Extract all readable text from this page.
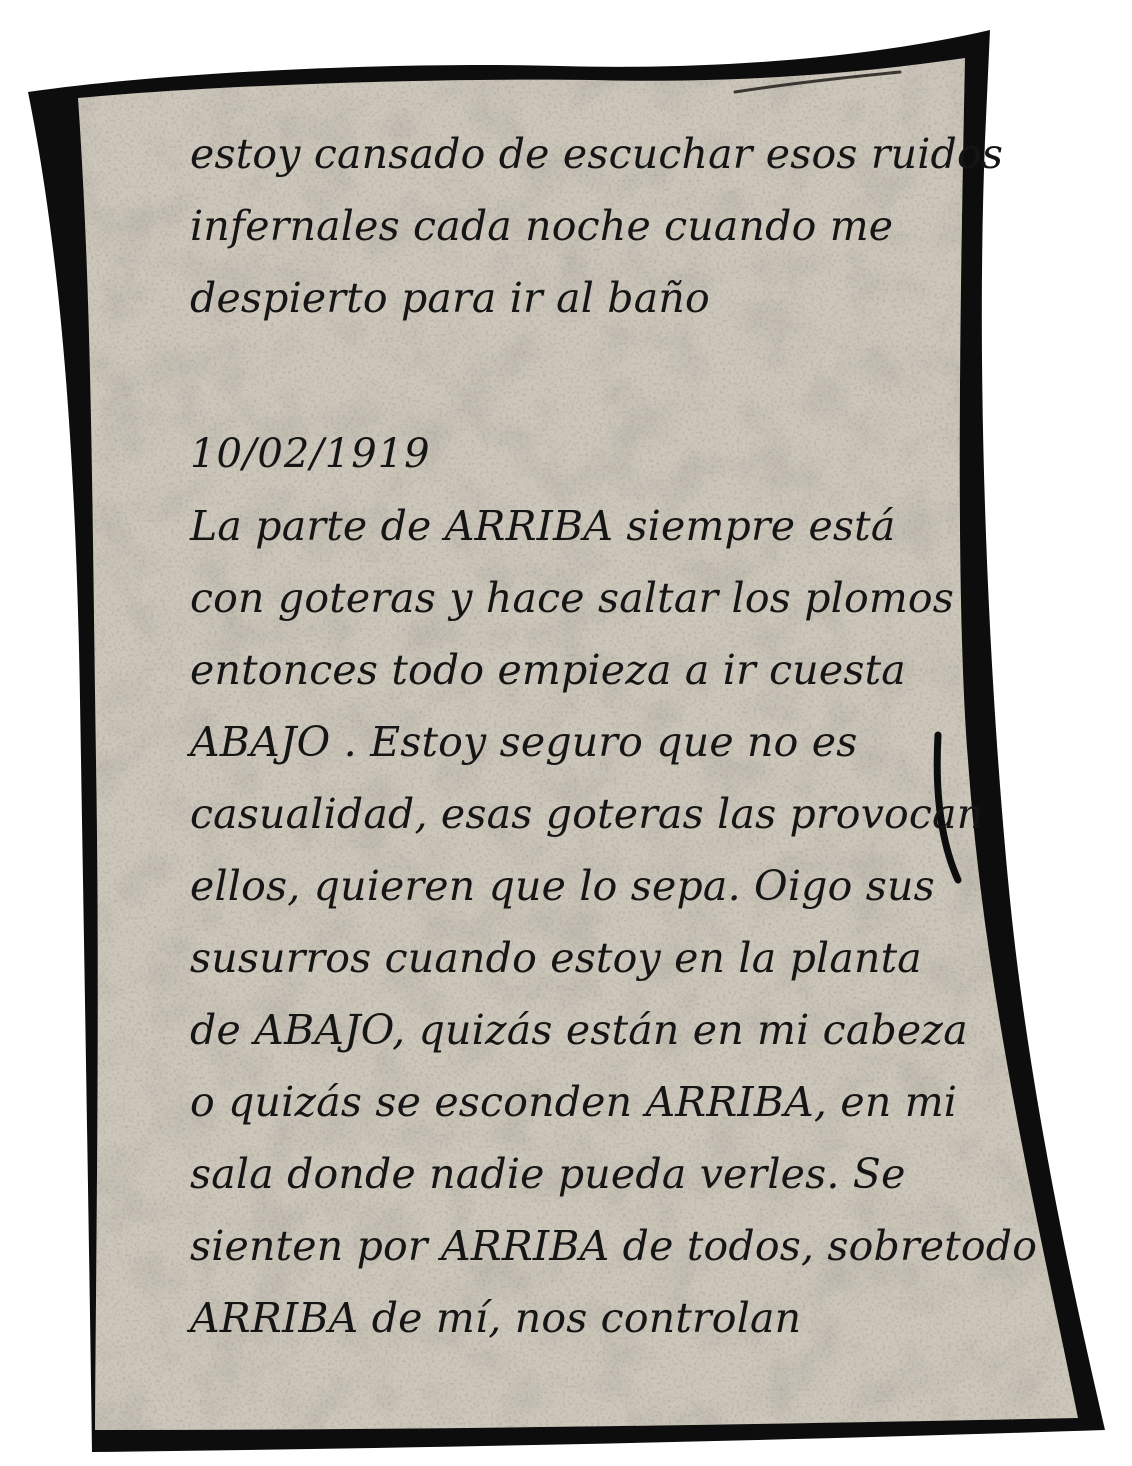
estoy cansado de escuchar esos ruidos
infernales cada noche cuando me
despierto para ir al baño
10/02/1919
La parte de ARRIBA siempre está
con goteras y hace saltar los plomos
entonces todo empieza a ir cuesta
ABAJO . Estoy seguro que no es
casualidad, esas goteras las provocan
ellos, quieren que lo sepa. Oigo sus
susurros cuando estoy en la planta
de ABAJO, quizás están en mi cabeza
o quizás se esconden ARRIBA, en mi
sala donde nadie pueda verles. Se
sienten por ARRIBA de todos, sobretodo
ARRIBA de mí, nos controlan
